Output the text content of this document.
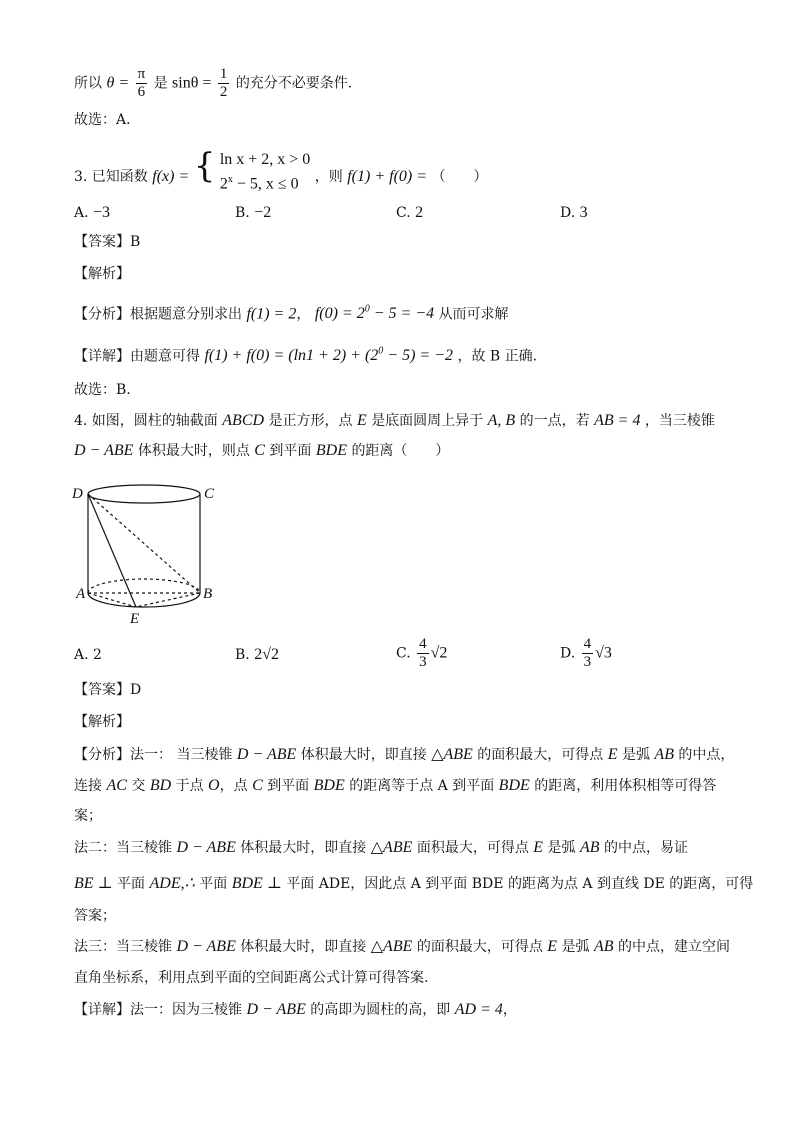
所以 $\theta = \frac{\pi}{6}$ 是 $\sin\theta = \frac{1}{2}$ 的充分不必要条件.
故选：A.
3. 已知函数 f(x) = { ln x + 2, x > 0
$2^x - 5$, x ≤ 0	，则 f(1) + f(0) = （　　）
A. −3	B. −2	C. 2	D. 3
【答案】B
【解析】
【分析】根据题意分别求出 f(1) = 2， $f(0) = 2^0 - 5 = -4$ 从而可求解
【详解】由题意可得 $f(1) + f(0) = (\ln 1 + 2) + (2^0 - 5) = -2$ ，故 B 正确.
故选：B.
4. 如图，圆柱的轴截面 ABCD 是正方形，点 E 是底面圆周上异于 A, B 的一点，若 AB = 4 ，当三棱锥
D − ABE 体积最大时，则点 C 到平面 BDE 的距离（　　）
D	C
A	B
E
A. 2	B. 2√2	C. $\frac{4}{3} √2$	D. $\frac{4}{3} √3$
【答案】D
【解析】
【分析】法一： 当三棱锥 D − ABE 体积最大时，即直接 △ABE 的面积最大，可得点 E 是弧 AB 的中点，
连接 AC 交 BD 于点 O，点 C 到平面 BDE 的距离等于点 A 到平面 BDE 的距离，利用体积相等可得答
案；
法二：当三棱锥 D − ABE 体积最大时，即直接 △ABE 面积最大，可得点 E 是弧 AB 的中点，易证
BE ⊥ 平面 ADE,∴ 平面 BDE ⊥ 平面 ADE，因此点 A 到平面 BDE 的距离为点 A 到直线 DE 的距离，可得
答案；
法三：当三棱锥 D − ABE 体积最大时，即直接 △ABE 的面积最大，可得点 E 是弧 AB 的中点，建立空间
直角坐标系，利用点到平面的空间距离公式计算可得答案.
【详解】法一：因为三棱锥 D − ABE 的高即为圆柱的高，即 AD = 4，
